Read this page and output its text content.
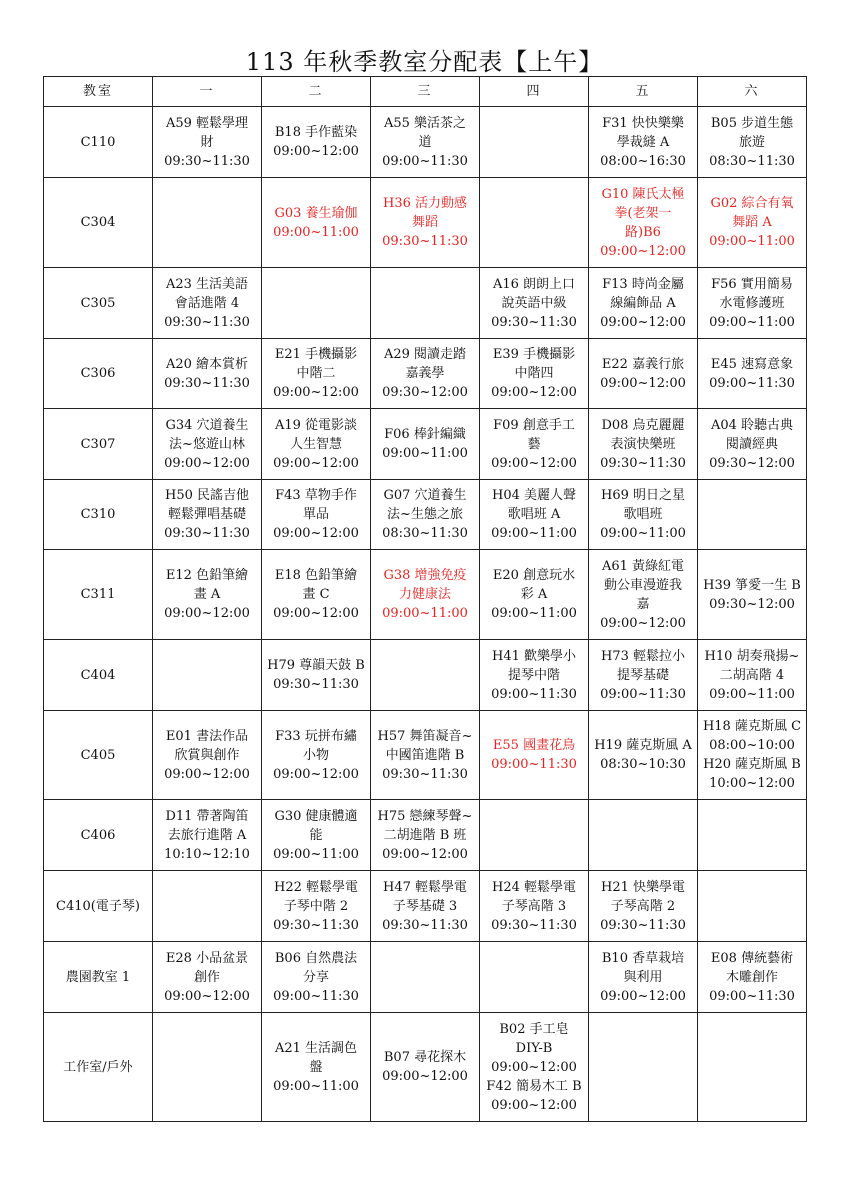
113 年秋季教室分配表【上午】
教室	一	二	三	四	五	六
C110	A59 輕鬆學理
財
09:30~11:30	B18 手作藍染
09:00~12:00	A55 樂活茶之
道
09:00~11:30		F31 快快樂樂
學裁縫 A
08:00~16:30	B05 步道生態
旅遊
08:30~11:30

C304		G03 養生瑜伽
09:00~11:00	H36 活力動感
舞蹈
09:30~11:30		G10 陳氏太極
拳(老架一
路)B6
09:00~12:00	G02 綜合有氧
舞蹈 A
09:00~11:00

C305	A23 生活美語
會話進階 4
09:30~11:30			A16 朗朗上口
說英語中級
09:30~11:30	F13 時尚金屬
線編飾品 A
09:00~12:00	F56 實用簡易
水電修護班
09:00~11:00

C306	A20 繪本賞析
09:30~11:30	E21 手機攝影
中階二
09:00~12:00	A29 閱讀走踏
嘉義學
09:30~12:00	E39 手機攝影
中階四
09:00~12:00	E22 嘉義行旅
09:00~12:00	E45 速寫意象
09:00~11:30

C307	G34 穴道養生
法~悠遊山林
09:00~12:00	A19 從電影談
人生智慧
09:00~12:00	F06 棒針編織
09:00~11:00	F09 創意手工
藝
09:00~12:00	D08 烏克麗麗
表演快樂班
09:30~11:30	A04 聆聽古典
閱讀經典
09:30~12:00

C310	H50 民謠吉他
輕鬆彈唱基礎
09:30~11:30	F43 草物手作
單品
09:00~12:00	G07 穴道養生
法~生態之旅
08:30~11:30	H04 美麗人聲
歌唱班 A
09:00~11:00	H69 明日之星
歌唱班
09:00~11:00	

C311	E12 色鉛筆繪
畫 A
09:00~12:00	E18 色鉛筆繪
畫 C
09:00~12:00	G38 增強免疫
力健康法
09:00~11:00	E20 創意玩水
彩 A
09:00~11:00	A61 黃綠紅電
動公車漫遊我
嘉
09:00~12:00	H39 箏愛一生 B
09:30~12:00

C404		H79 尊韻天鼓 B
09:30~11:30		H41 歡樂學小
提琴中階
09:00~11:30	H73 輕鬆拉小
提琴基礎
09:00~11:30	H10 胡奏飛揚~
二胡高階 4
09:00~11:00

C405	E01 書法作品
欣賞與創作
09:00~12:00	F33 玩拼布繡
小物
09:00~12:00	H57 舞笛凝音~
中國笛進階 B
09:30~11:30	E55 國畫花鳥
09:00~11:30	H19 薩克斯風 A
08:30~10:30	H18 薩克斯風 C
08:00~10:00
H20 薩克斯風 B
10:00~12:00

C406	D11 帶著陶笛
去旅行進階 A
10:10~12:10	G30 健康體適
能
09:00~11:00	H75 戀練琴聲~
二胡進階 B 班
09:00~12:00			

C410(電子琴)		H22 輕鬆學電
子琴中階 2
09:30~11:30	H47 輕鬆學電
子琴基礎 3
09:30~11:30	H24 輕鬆學電
子琴高階 3
09:30~11:30	H21 快樂學電
子琴高階 2
09:30~11:30	

農園教室 1	E28 小品盆景
創作
09:00~12:00	B06 自然農法
分享
09:00~11:30			B10 香草栽培
與利用
09:00~12:00	E08 傳統藝術
木雕創作
09:00~11:30

工作室/戶外		A21 生活調色
盤
09:00~11:00	B07 尋花探木
09:00~12:00	B02 手工皂
DIY-B
09:00~12:00
F42 簡易木工 B
09:00~12:00		
